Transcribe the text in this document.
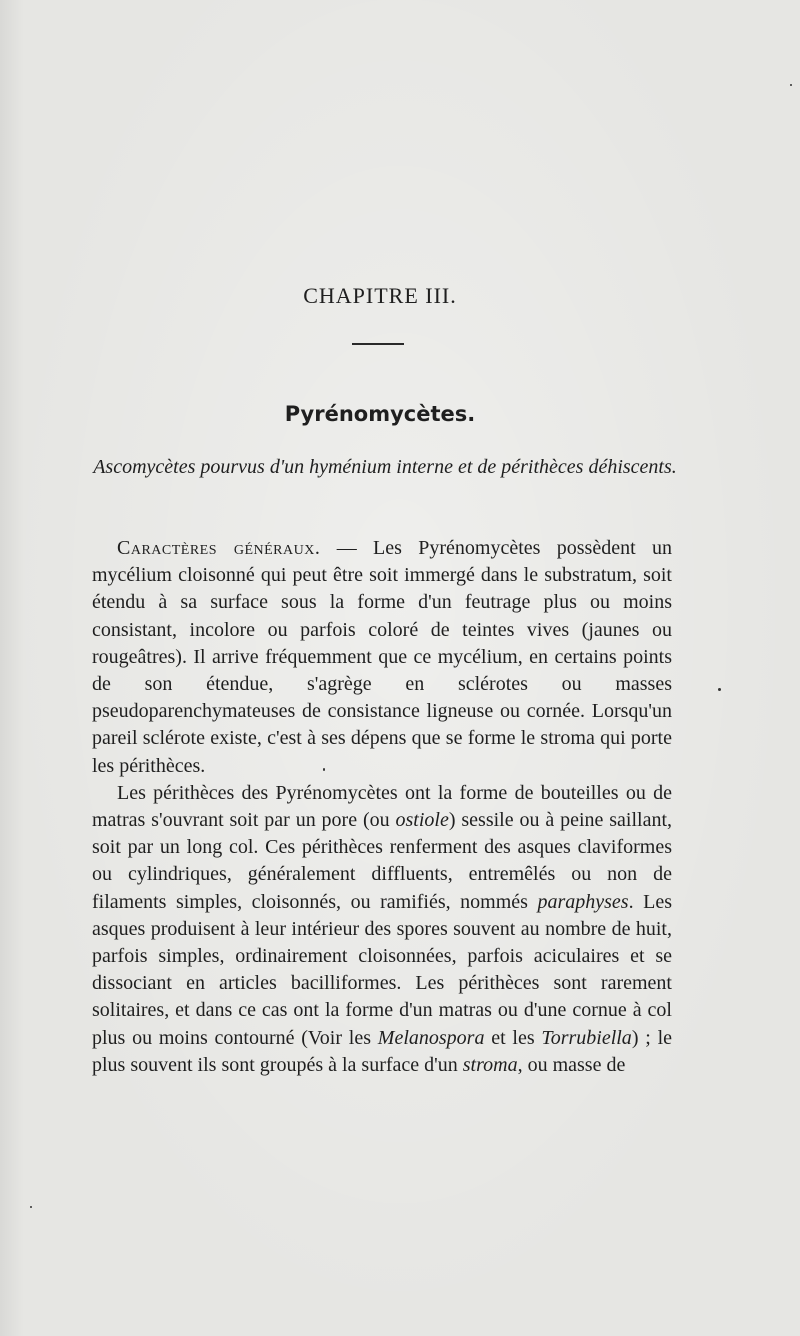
CHAPITRE III.
Pyrénomycètes.
Ascomycètes pourvus d'un hyménium interne et de périthèces déhiscents.

Caractères généraux. — Les Pyrénomycètes possèdent un mycélium cloisonné qui peut être soit immergé dans le substratum, soit étendu à sa surface sous la forme d'un feutrage plus ou moins consistant, incolore ou parfois coloré de teintes vives (jaunes ou rougeâtres). Il arrive fréquemment que ce mycélium, en certains points de son étendue, s'agrège en sclérotes ou masses pseudoparenchymateuses de consistance ligneuse ou cornée. Lorsqu'un pareil sclérote existe, c'est à ses dépens que se forme le stroma qui porte les périthèces.

Les périthèces des Pyrénomycètes ont la forme de bouteilles ou de matras s'ouvrant soit par un pore (ou ostiole) sessile ou à peine saillant, soit par un long col. Ces périthèces renferment des asques claviformes ou cylindriques, généralement diffluents, entremêlés ou non de filaments simples, cloisonnés, ou ramifiés, nommés paraphyses. Les asques produisent à leur intérieur des spores souvent au nombre de huit, parfois simples, ordinairement cloisonnées, parfois aciculaires et se dissociant en articles bacilliformes. Les périthèces sont rarement solitaires, et dans ce cas ont la forme d'un matras ou d'une cornue à col plus ou moins contourné (Voir les Melanospora et les Torrubiella) ; le plus souvent ils sont groupés à la surface d'un stroma, ou masse de
